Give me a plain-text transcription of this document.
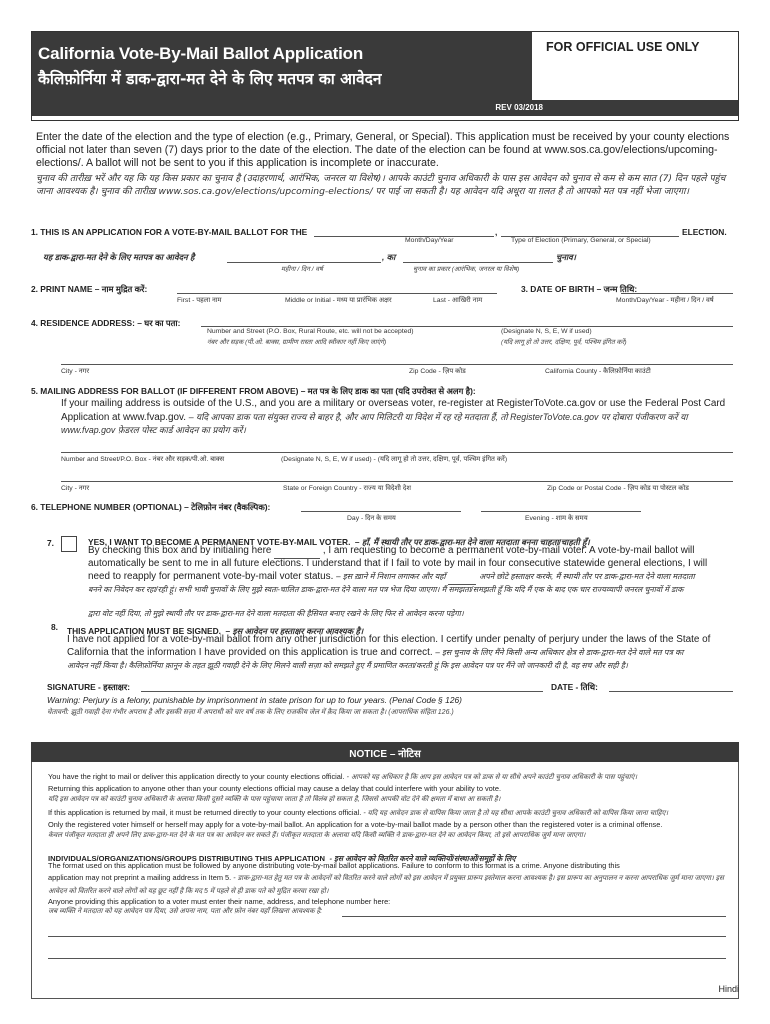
California Vote-By-Mail Ballot Application
कैलिफ़ोर्निया में डाक-द्वारा-मत देने के लिए मतपत्र का आवेदन
FOR OFFICIAL USE ONLY
REV 03/2018
Enter the date of the election and the type of election (e.g., Primary, General, or Special). This application must be received by your county elections official not later than seven (7) days prior to the date of the election. The date of the election can be found at www.sos.ca.gov/elections/upcoming-elections/. A ballot will not be sent to you if this application is incomplete or inaccurate.
चुनाव की तारीख़ भरें और यह कि यह किस प्रकार का चुनाव है (उदाहरणार्थ, आरंभिक, जनरल या विशेष)। आपके काउंटी चुनाव अधिकारी के पास इस आवेदन को चुनाव से कम से कम सात (7) दिन पहले पहुंच जाना आवश्यक है। चुनाव की तारीख़ www.sos.ca.gov/elections/upcoming-elections/ पर पाई जा सकती है। यह आवेदन यदि अधूरा या ग़लत है तो आपको मत पत्र नहीं भेजा जाएगा।
1. THIS IS AN APPLICATION FOR A VOTE-BY-MAIL BALLOT FOR THE	,	ELECTION.
Month/Day/Year	Type of Election (Primary, General, or Special)
यह डाक-द्वारा-मत देने के लिए मतपत्र का आवेदन है	, का	चुनाव।
महीना / दिन / वर्ष	चुनाव का प्रकार (आरंभिक, जनरल या विशेष)
2. PRINT NAME – नाम मुद्रित करें:
First - पहला नाम	Middle or Initial - मध्य या प्रारंभिक अक्षर	Last - आखिरी नाम
3. DATE OF BIRTH – जन्म तिथि:
Month/Day/Year - महीना / दिन / वर्ष
4. RESIDENCE ADDRESS: – घर का पता:
Number and Street (P.O. Box, Rural Route, etc. will not be accepted)
नंबर और सड़क (पी.ओ. बाक्स, ग्रामीण रास्ता आदि स्वीकार नहीं किए जाएंगे)
(Designate N, S, E, W if used)
(यदि लागू हो तो उत्तर, दक्षिण, पूर्व, पश्चिम इंगित करें)
City - नगर	Zip Code - ज़िप कोड	California County - कैलिफ़ोर्निया काउंटी
5. MAILING ADDRESS FOR BALLOT (IF DIFFERENT FROM ABOVE) – मत पत्र के लिए डाक का पता (यदि उपरोक्त से अलग है):
If your mailing address is outside of the U.S., and you are a military or overseas voter, re-register at RegisterToVote.ca.gov or use the Federal Post Card Application at www.fvap.gov. – यदि आपका डाक पता संयुक्त राज्य से बाहर है, और आप मिलिटरी या विदेश में रह रहे मतदाता हैं, तो RegisterToVote.ca.gov पर दोबारा पंजीकरण करें या www.fvap.gov फ़ेडरल पोस्ट कार्ड आवेदन का प्रयोग करें।
Number and Street/P.O. Box - नंबर और सड़क/पी.ओ. बाक्स	(Designate N, S, E, W if used) - (यदि लागू हो तो उत्तर, दक्षिण, पूर्व, पश्चिम इंगित करें)
City - नगर	State or Foreign Country - राज्य या विदेशी देश	Zip Code or Postal Code - ज़िप कोड या पोस्टल कोड
6. TELEPHONE NUMBER (OPTIONAL) – टेलिफ़ोन नंबर (वैकल्पिक):
Day - दिन के समय	Evening - शाम के समय
7.	YES, I WANT TO BECOME A PERMANENT VOTE-BY-MAIL VOTER. – हाँ, मैं स्थायी तौर पर डाक-द्वारा-मत देने वाला मतदाता बनना चाहता/चाहती हूँ।
By checking this box and by initialing here	, I am requesting to become a permanent vote-by-mail voter. A vote-by-mail ballot will
automatically be sent to me in all future elections. I understand that if I fail to vote by mail in four consecutive statewide general elections, I will
need to reapply for permanent vote-by-mail voter status. – इस ख़ाने में निशान लगाकर और यहाँ	अपने छोटे हस्ताक्षर करके, मैं स्थायी तौर पर डाक-द्वारा-मत देने वाला मतदाता
बनने का निवेदन कर रहा/रही हूं। सभी भावी चुनावों के लिए मुझे स्वतः-चालित डाक-द्वारा-मत देने वाला मत पत्र भेज दिया जाएगा। मैं समझता/समझती हूँ कि यदि मैं एक के बाद एक चार राज्यव्यापी जनरल चुनावों में डाक
द्वारा वोट नहीं दिया, तो मुझे स्थायी तौर पर डाक-द्वारा-मत देने वाला मतदाता की हैसियत बनाए रखने के लिए फिर से आवेदन करना पड़ेगा।
8. THIS APPLICATION MUST BE SIGNED. – इस आवेदन पर हस्ताक्षर करना आवश्यक है।
I have not applied for a vote-by-mail ballot from any other jurisdiction for this election. I certify under penalty of perjury under the laws of the State of
California that the information I have provided on this application is true and correct. – इस चुनाव के लिए मैंने किसी अन्य अधिकार क्षेत्र से डाक-द्वारा-मत देने वाले मत पत्र का
आवेदन नहीं किया है। कैलिफ़ोर्निया क़ानून के तहत झूठी गवाही देने के लिए मिलने वाली सज़ा को समझते हुए मैं प्रमाणित करता/करती हूं कि इस आवेदन पत्र पर मैंने जो जानकारी दी है, वह सच और सही है।
SIGNATURE - हस्ताक्षर:	DATE - तिथि:
Warning: Perjury is a felony, punishable by imprisonment in state prison for up to four years. (Penal Code § 126)
चेतावनी: झूठी गवाही देना गंभीर अपराध है और इसकी सज़ा में अपराधी को चार वर्ष तक के लिए राजकीय जेल में क़ैद किया जा सकता है। (आपराधिक संहिता 126.)
NOTICE – नोटिस
You have the right to mail or deliver this application directly to your county elections official. - आपको यह अधिकार है कि आप इस आवेदन पत्र को डाक से या सीधे अपने काउंटी चुनाव अधिकारी के पास पहुंचाएं।
Returning this application to anyone other than your county elections official may cause a delay that could interfere with your ability to vote.
यदि इस आवेदन पत्र को काउंटी चुनाव अधिकारी के अलावा किसी दूसरे व्यक्ति के पास पहुंचाया जाता है तो विलंब हो सकता है, जिससे आपकी वोट देने की क्षमता में बाधा आ सकती है।
If this application is returned by mail, it must be returned directly to your county elections official. - यदि यह आवेदन डाक से वापिस किया जाता है तो यह सीधा आपके काउंटी चुनाव अधिकारी को वापिस किया जाना चाहिए।
Only the registered voter himself or herself may apply for a vote-by-mail ballot. An application for a vote-by-mail ballot made by a person other than the registered voter is a criminal offense.
केवल पंजीकृत मतदाता ही अपने लिए डाक-द्वारा-मत देने के मत पत्र का आवेदन कर सकते हैं। पंजीकृत मतदाता के अलावा यदि किसी व्यक्ति ने डाक-द्वारा-मत देने का आवेदन किया, तो इसे आपराधिक जुर्म माना जाएगा।
INDIVIDUALS/ORGANIZATIONS/GROUPS DISTRIBUTING THIS APPLICATION - इस आवेदन को वितरित करने वाले व्यक्तियों/संस्थाओं/समूहों के लिए
The format used on this application must be followed by anyone distributing vote-by-mail ballot applications. Failure to conform to this format is a crime. Anyone distributing this
application may not preprint a mailing address in Item 5. - डाक-द्वारा-मत हेतु मत पत्र के आवेदनों को वितरित करने वाले लोगों को इस आवेदन में प्रयुक्त प्रारूप इस्तेमाल करना आवश्यक है। इस प्रारूप का अनुपालन न करना आपराधिक जुर्म माना जाएगा। इस आवेदन को वितरित करने वाले लोगों को यह छूट नहीं है कि मद 5 में पहले से ही डाक पते को मुद्रित करवा रखा हो।
Anyone providing this application to a voter must enter their name, address, and telephone number here:
जब व्यक्ति ने मतदाता को यह आवेदन पत्र दिया, उसे अपना नाम, पता और फ़ोन नंबर यहाँ लिखना आवश्यक है:
Hindi
